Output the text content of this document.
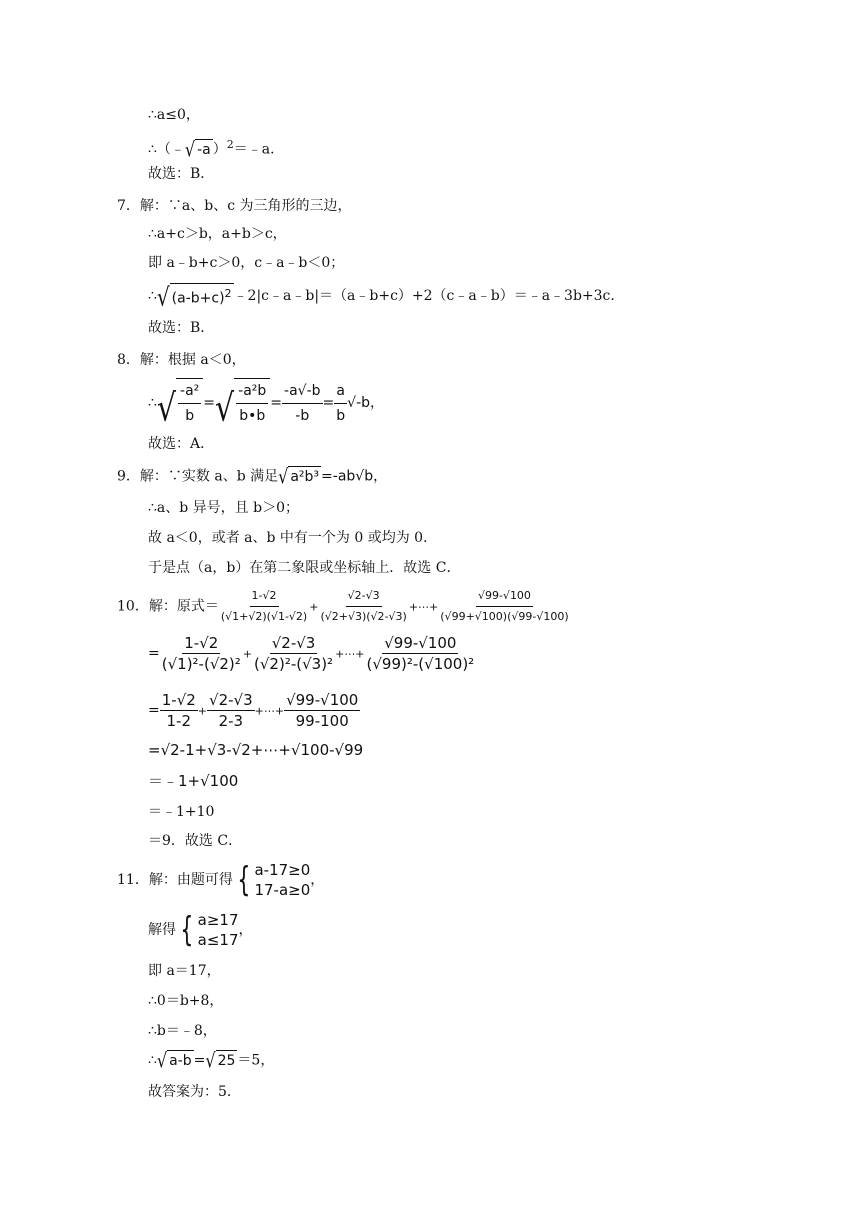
∴a≤0，
∴（﹣ √ -a ）$^2$＝﹣a．
故选：B．
7．解：∵a、b、c 为三角形的三边，
∴a+c＞b，a+b＞c，
即 a﹣b+c＞0，c﹣a﹣b＜0；
∴ √ $(a-b+c)^2$ ﹣2|c﹣a﹣b|＝（a﹣b+c）+2（c﹣a﹣b）＝﹣a﹣3b+3c．
故选：B．
8．解：根据 a＜0，
∴ √ $\frac{\text{-a²}}{b}$ = √ $\frac{\text{-a²b}}{b•b} = \frac{-a√-b}{-b} = \frac{a}{b} √-b$，
故选：A．
9．解：∵实数 a、b 满足 √ a²b³ =-ab√b，
∴a、b 异号，且 b＞0；
故 a＜0，或者 a、b 中有一个为 0 或均为 0．
于是点（a，b）在第二象限或坐标轴上．故选 C．
10．解：原式＝ $\frac{1-√2}{(√1+√2)(√1-√2)} + \frac{√2-√3}{(√2+√3)(√2-√3)}$ +⋯+ $\frac{√99-√100}{(√99+√100)(√99-√100)}$
= $\frac{1-√2}{\text{(√1)²-(√2)²}} + \frac{√2-√3}{\text{(√2)²-(√3)²}}$ +⋯+ $\frac{√99-√100}{\text{(√99)²-(√100)²}}$
= $\frac{1-√2}{1-2} + \frac{√2-√3}{2-3}$ +⋯+ $\frac{√99-√100}{99-100}$
=√2-1+√3-√2+⋯+√100-√99
＝﹣1+√100
＝﹣1+10
＝9．故选 C．
11．解：由题可得 { a-17≥0
17-a≥0
，
解得 { a≥17
a≤17
，
即 a＝17，
∴0＝b+8，
∴b＝﹣8，
∴ √ a-b = √ 25 ＝5，
故答案为：5．
